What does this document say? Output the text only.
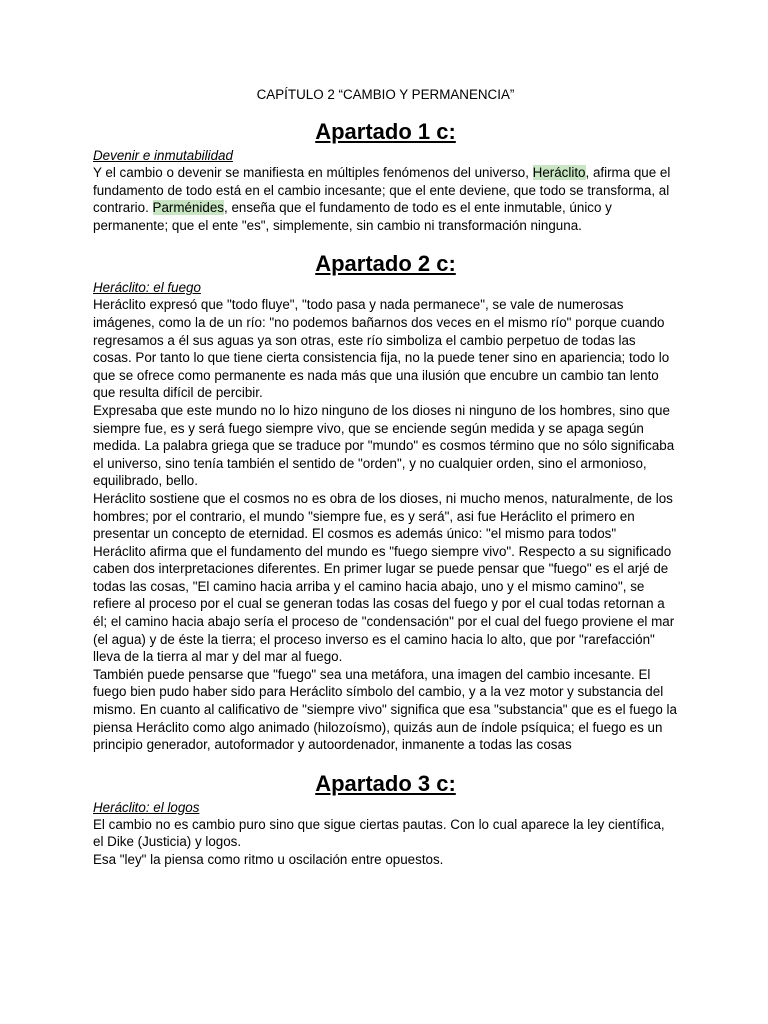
CAPÍTULO 2 “CAMBIO Y PERMANENCIA”

Apartado 1 c:

Devenir e inmutabilidad

Y el cambio o devenir se manifiesta en múltiples fenómenos del universo, Heráclito, afirma que el fundamento de todo está en el cambio incesante; que el ente deviene, que todo se transforma, al contrario. Parménides, enseña que el fundamento de todo es el ente inmutable, único y permanente; que el ente "es", simplemente, sin cambio ni transformación ninguna.

Apartado 2 c:

Heráclito: el fuego

Heráclito expresó que "todo fluye", "todo pasa y nada permanece", se vale de numerosas imágenes, como la de un río: "no podemos bañarnos dos veces en el mismo río" porque cuando regresamos a él sus aguas ya son otras, este río simboliza el cambio perpetuo de todas las cosas. Por tanto lo que tiene cierta consistencia fija, no la puede tener sino en apariencia; todo lo que se ofrece como permanente es nada más que una ilusión que encubre un cambio tan lento que resulta difícil de percibir.

Expresaba que este mundo no lo hizo ninguno de los dioses ni ninguno de los hombres, sino que siempre fue, es y será fuego siempre vivo, que se enciende según medida y se apaga según medida. La palabra griega que se traduce por "mundo" es cosmos término que no sólo significaba el universo, sino tenía también el sentido de "orden", y no cualquier orden, sino el armonioso, equilibrado, bello.

Heráclito sostiene que el cosmos no es obra de los dioses, ni mucho menos, naturalmente, de los hombres; por el contrario, el mundo "siempre fue, es y será", asi fue Heráclito el primero en presentar un concepto de eternidad. El cosmos es además único: "el mismo para todos"

Heráclito afirma que el fundamento del mundo es "fuego siempre vivo". Respecto a su significado caben dos interpretaciones diferentes. En primer lugar se puede pensar que "fuego" es el arjé de todas las cosas, "El camino hacia arriba y el camino hacia abajo, uno y el mismo camino", se refiere al proceso por el cual se generan todas las cosas del fuego y por el cual todas retornan a él; el camino hacia abajo sería el proceso de "condensación" por el cual del fuego proviene el mar (el agua) y de éste la tierra; el proceso inverso es el camino hacia lo alto, que por "rarefacción" lleva de la tierra al mar y del mar al fuego.

También puede pensarse que "fuego" sea una metáfora, una imagen del cambio incesante. El fuego bien pudo haber sido para Heráclito símbolo del cambio, y a la vez motor y substancia del mismo. En cuanto al calificativo de "siempre vivo" significa que esa "substancia" que es el fuego la piensa Heráclito como algo animado (hilozoísmo), quizás aun de índole psíquica; el fuego es un principio generador, autoformador y autoordenador, inmanente a todas las cosas

Apartado 3 c:

Heráclito: el logos

El cambio no es cambio puro sino que sigue ciertas pautas. Con lo cual aparece la ley científica, el Dike (Justicia) y logos.

Esa "ley" la piensa como ritmo u oscilación entre opuestos.
